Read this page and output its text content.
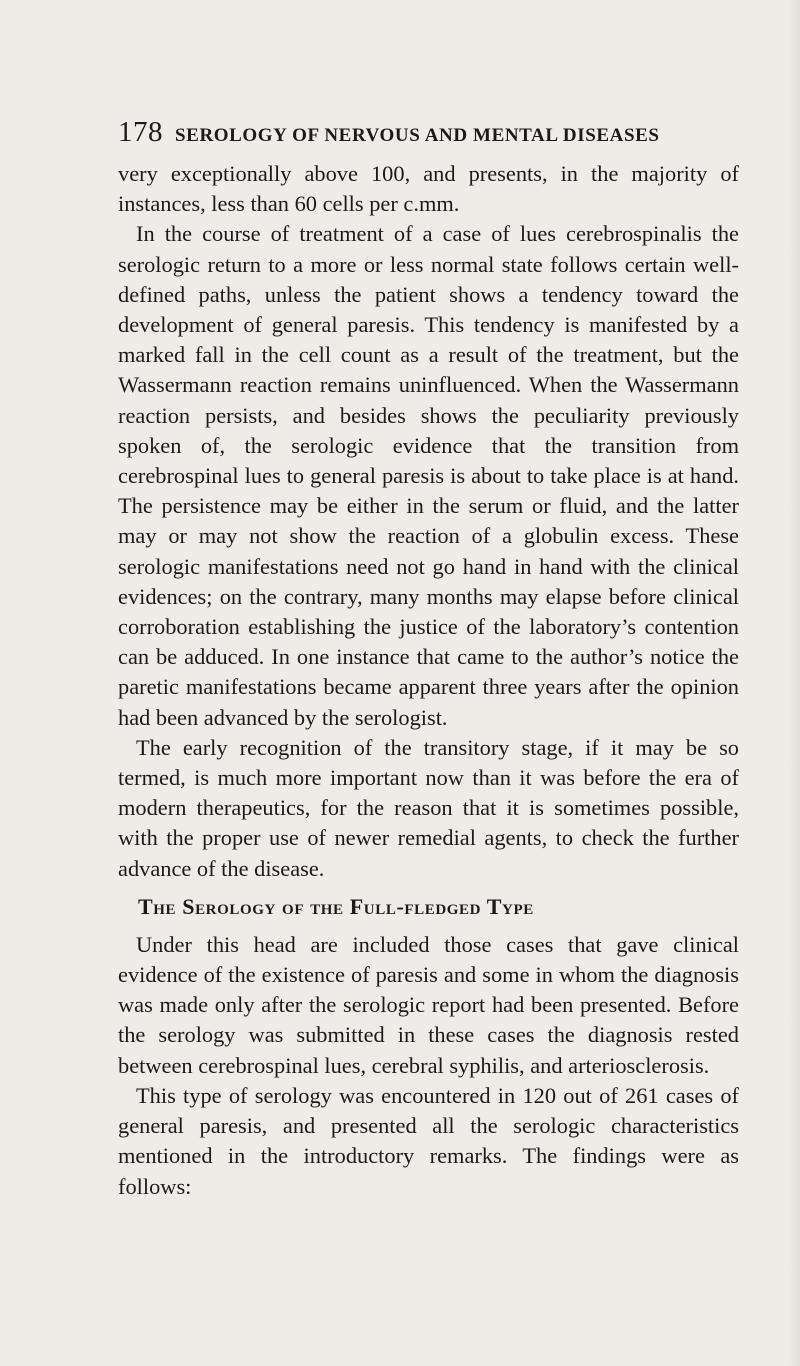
178 SEROLOGY OF NERVOUS AND MENTAL DISEASES

very exceptionally above 100, and presents, in the majority of instances, less than 60 cells per c.mm.

In the course of treatment of a case of lues cerebrospinalis the serologic return to a more or less normal state follows certain well-defined paths, unless the patient shows a tendency toward the development of general paresis. This tendency is manifested by a marked fall in the cell count as a result of the treatment, but the Wassermann reaction remains uninfluenced. When the Wassermann reaction persists, and besides shows the peculiarity previously spoken of, the serologic evidence that the transition from cerebrospinal lues to general paresis is about to take place is at hand. The persistence may be either in the serum or fluid, and the latter may or may not show the reaction of a globulin excess. These serologic manifestations need not go hand in hand with the clinical evidences; on the contrary, many months may elapse before clinical corroboration establishing the justice of the laboratory’s contention can be adduced. In one instance that came to the author’s notice the paretic manifestations became apparent three years after the opinion had been advanced by the serologist.

The early recognition of the transitory stage, if it may be so termed, is much more important now than it was before the era of modern therapeutics, for the reason that it is sometimes possible, with the proper use of newer remedial agents, to check the further advance of the disease.

The Serology of the Full-fledged Type

Under this head are included those cases that gave clinical evidence of the existence of paresis and some in whom the diagnosis was made only after the serologic report had been presented. Before the serology was submitted in these cases the diagnosis rested between cerebrospinal lues, cerebral syphilis, and arteriosclerosis.

This type of serology was encountered in 120 out of 261 cases of general paresis, and presented all the serologic characteristics mentioned in the introductory remarks. The findings were as follows:
